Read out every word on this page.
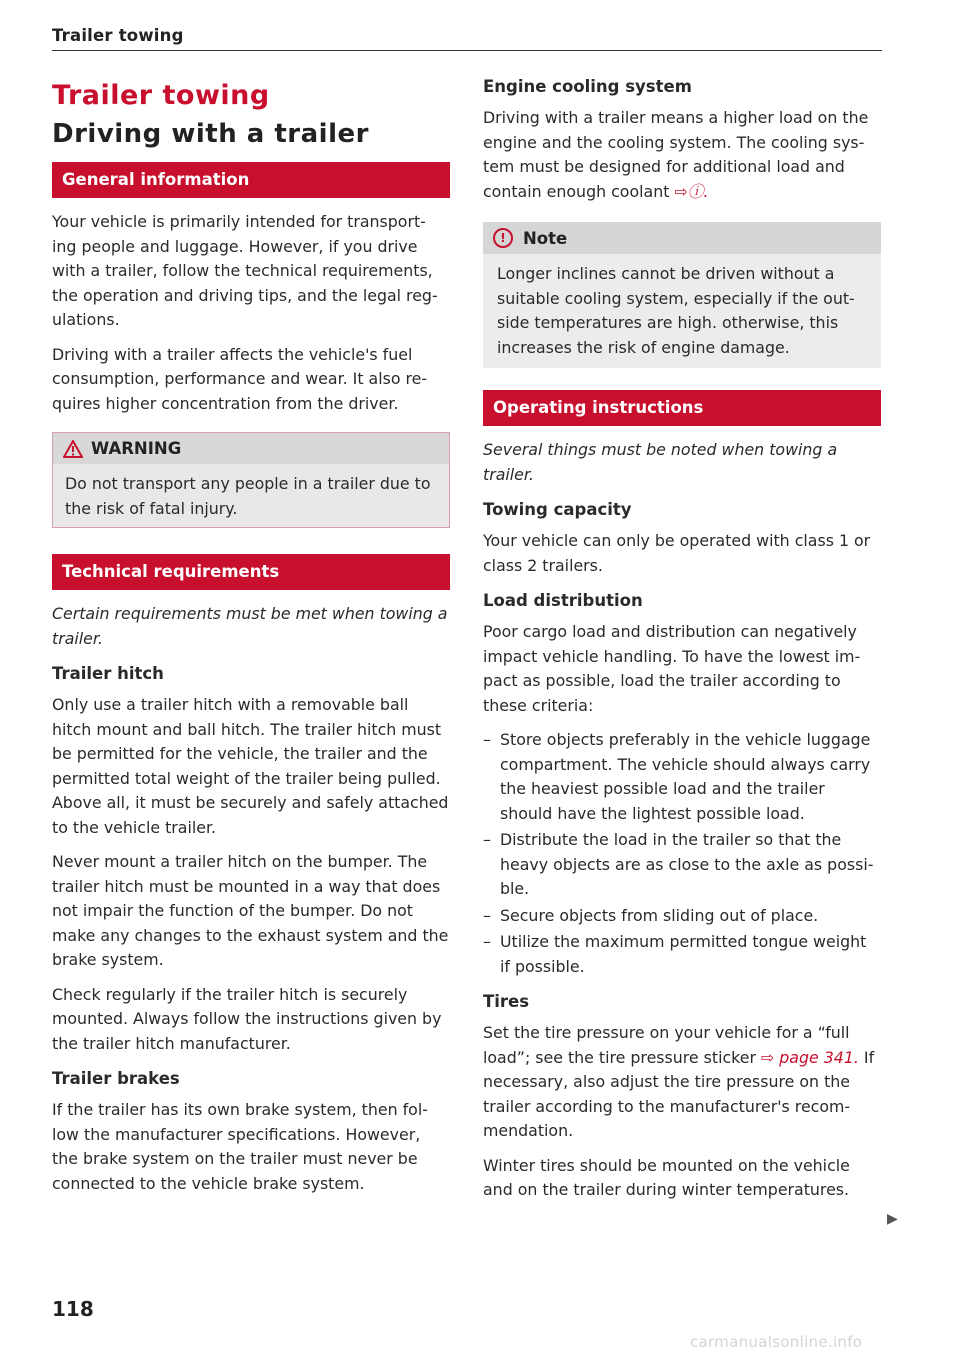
Trailer towing
Trailer towing
Driving with a trailer
General information

Your vehicle is primarily intended for transport-ing people and luggage. However, if you drive with a trailer, follow the technical requirements, the operation and driving tips, and the legal reg-ulations.

Driving with a trailer affects the vehicle's fuel consumption, performance and wear. It also re-quires higher concentration from the driver.

WARNING

Do not transport any people in a trailer due to the risk of fatal injury.

Technical requirements

Certain requirements must be met when towing a trailer.

Trailer hitch

Only use a trailer hitch with a removable ball hitch mount and ball hitch. The trailer hitch must be permitted for the vehicle, the trailer and the permitted total weight of the trailer being pulled. Above all, it must be securely and safely attached to the vehicle trailer.

Never mount a trailer hitch on the bumper. The trailer hitch must be mounted in a way that does not impair the function of the bumper. Do not make any changes to the exhaust system and the brake system.

Check regularly if the trailer hitch is securely mounted. Always follow the instructions given by the trailer hitch manufacturer.

Trailer brakes

If the trailer has its own brake system, then fol-low the manufacturer specifications. However, the brake system on the trailer must never be connected to the vehicle brake system.

Engine cooling system

Driving with a trailer means a higher load on the engine and the cooling system. The cooling sys-tem must be designed for additional load and contain enough coolant ⇨ⓘ.

!	Note

Longer inclines cannot be driven without a suitable cooling system, especially if the out-side temperatures are high. otherwise, this increases the risk of engine damage.

Operating instructions

Several things must be noted when towing a trailer.

Towing capacity

Your vehicle can only be operated with class 1 or class 2 trailers.

Load distribution

Poor cargo load and distribution can negatively impact vehicle handling. To have the lowest im-pact as possible, load the trailer according to these criteria:

– Store objects preferably in the vehicle luggage compartment. The vehicle should always carry the heaviest possible load and the trailer should have the lightest possible load.
– Distribute the load in the trailer so that the heavy objects are as close to the axle as possi-ble.
– Secure objects from sliding out of place.
– Utilize the maximum permitted tongue weight if possible.
Tires

Set the tire pressure on your vehicle for a “full load”; see the tire pressure sticker ⇨ page 341. If necessary, also adjust the tire pressure on the trailer according to the manufacturer's recom-mendation.

Winter tires should be mounted on the vehicle and on the trailer during winter temperatures.

▶
118
carmanualsonline.info
